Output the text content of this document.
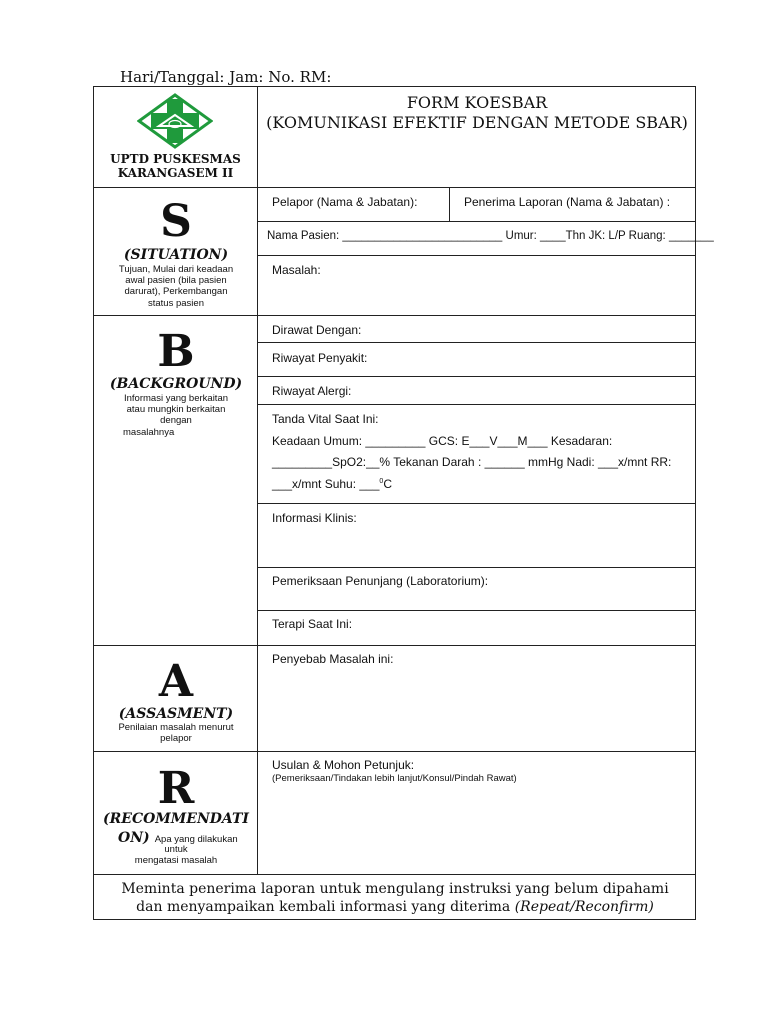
Hari/Tanggal: Jam: No. RM:
UPTD PUSKESMAS
KARANGASEM II
FORM KOESBAR
(KOMUNIKASI EFEKTIF DENGAN METODE SBAR)
S
(SITUATION)
Tujuan, Mulai dari keadaan
awal pasien (bila pasien
darurat), Perkembangan
status pasien
Pelapor (Nama & Jabatan):	Penerima Laporan (Nama & Jabatan) :
Nama Pasien: _________________________ Umur: ____Thn JK: L/P Ruang: _______
Masalah:
B
(BACKGROUND)
Informasi yang berkaitan
atau mungkin berkaitan
dengan
masalahnya
Dirawat Dengan:
Riwayat Penyakit:
Riwayat Alergi:
Tanda Vital Saat Ini:
Keadaan Umum: _________ GCS: E___V___M___ Kesadaran:
_________SpO2:__% Tekanan Darah : ______ mmHg Nadi: ___x/mnt RR:
___x/mnt Suhu: ___$^0$C
Informasi Klinis:
Pemeriksaan Penunjang (Laboratorium):
Terapi Saat Ini:
A
(ASSASMENT)
Penilaian masalah menurut
pelapor
Penyebab Masalah ini:
R
(RECOMMENDATI
ON) Apa yang dilakukan
untuk
mengatasi masalah
Usulan & Mohon Petunjuk:
(Pemeriksaan/Tindakan lebih lanjut/Konsul/Pindah Rawat)
Meminta penerima laporan untuk mengulang instruksi yang belum dipahami
dan menyampaikan kembali informasi yang diterima (Repeat/Reconfirm)
